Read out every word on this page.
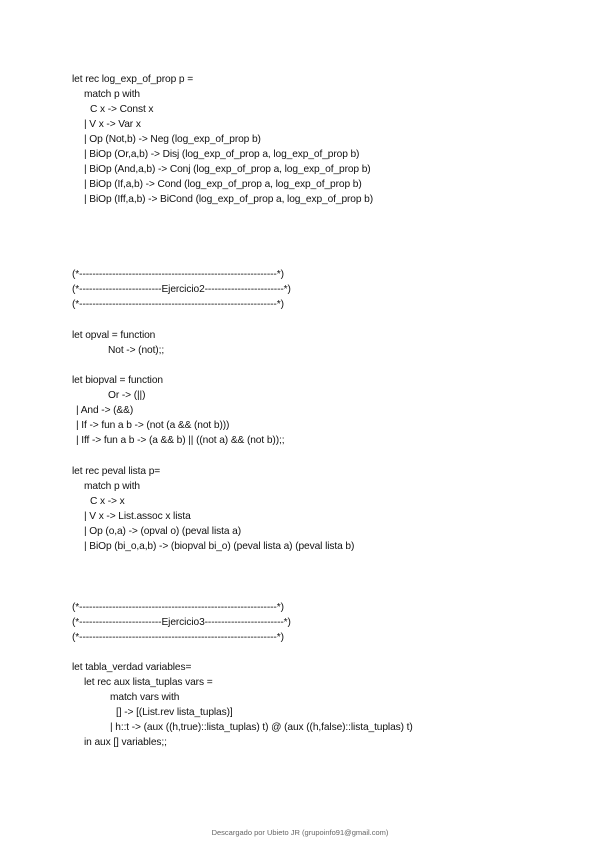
let rec log_exp_of_prop p =
match p with
C x -> Const x
| V x -> Var x
| Op (Not,b) -> Neg (log_exp_of_prop b)
| BiOp (Or,a,b) -> Disj (log_exp_of_prop a, log_exp_of_prop b)
| BiOp (And,a,b) -> Conj (log_exp_of_prop a, log_exp_of_prop b)
| BiOp (If,a,b) -> Cond (log_exp_of_prop a, log_exp_of_prop b)
| BiOp (Iff,a,b) -> BiCond (log_exp_of_prop a, log_exp_of_prop b)
(*------------------------------------------------------------*)
(*-------------------------Ejercicio2------------------------*)
(*------------------------------------------------------------*)
let opval = function
Not -> (not);;
let biopval = function
Or -> (||)
| And -> (&&)
| If -> fun a b -> (not (a && (not b)))
| Iff -> fun a b -> (a && b) || ((not a) && (not b));;
let rec peval lista p=
match p with
C x -> x
| V x -> List.assoc x lista
| Op (o,a) -> (opval o) (peval lista a)
| BiOp (bi_o,a,b) -> (biopval bi_o) (peval lista a) (peval lista b)
(*------------------------------------------------------------*)
(*-------------------------Ejercicio3------------------------*)
(*------------------------------------------------------------*)
let tabla_verdad variables=
let rec aux lista_tuplas vars =
match vars with
[] -> [(List.rev lista_tuplas)]
| h::t -> (aux ((h,true)::lista_tuplas) t) @ (aux ((h,false)::lista_tuplas) t)
in aux [] variables;;
Descargado por Ubieto JR (grupoinfo91@gmail.com)
